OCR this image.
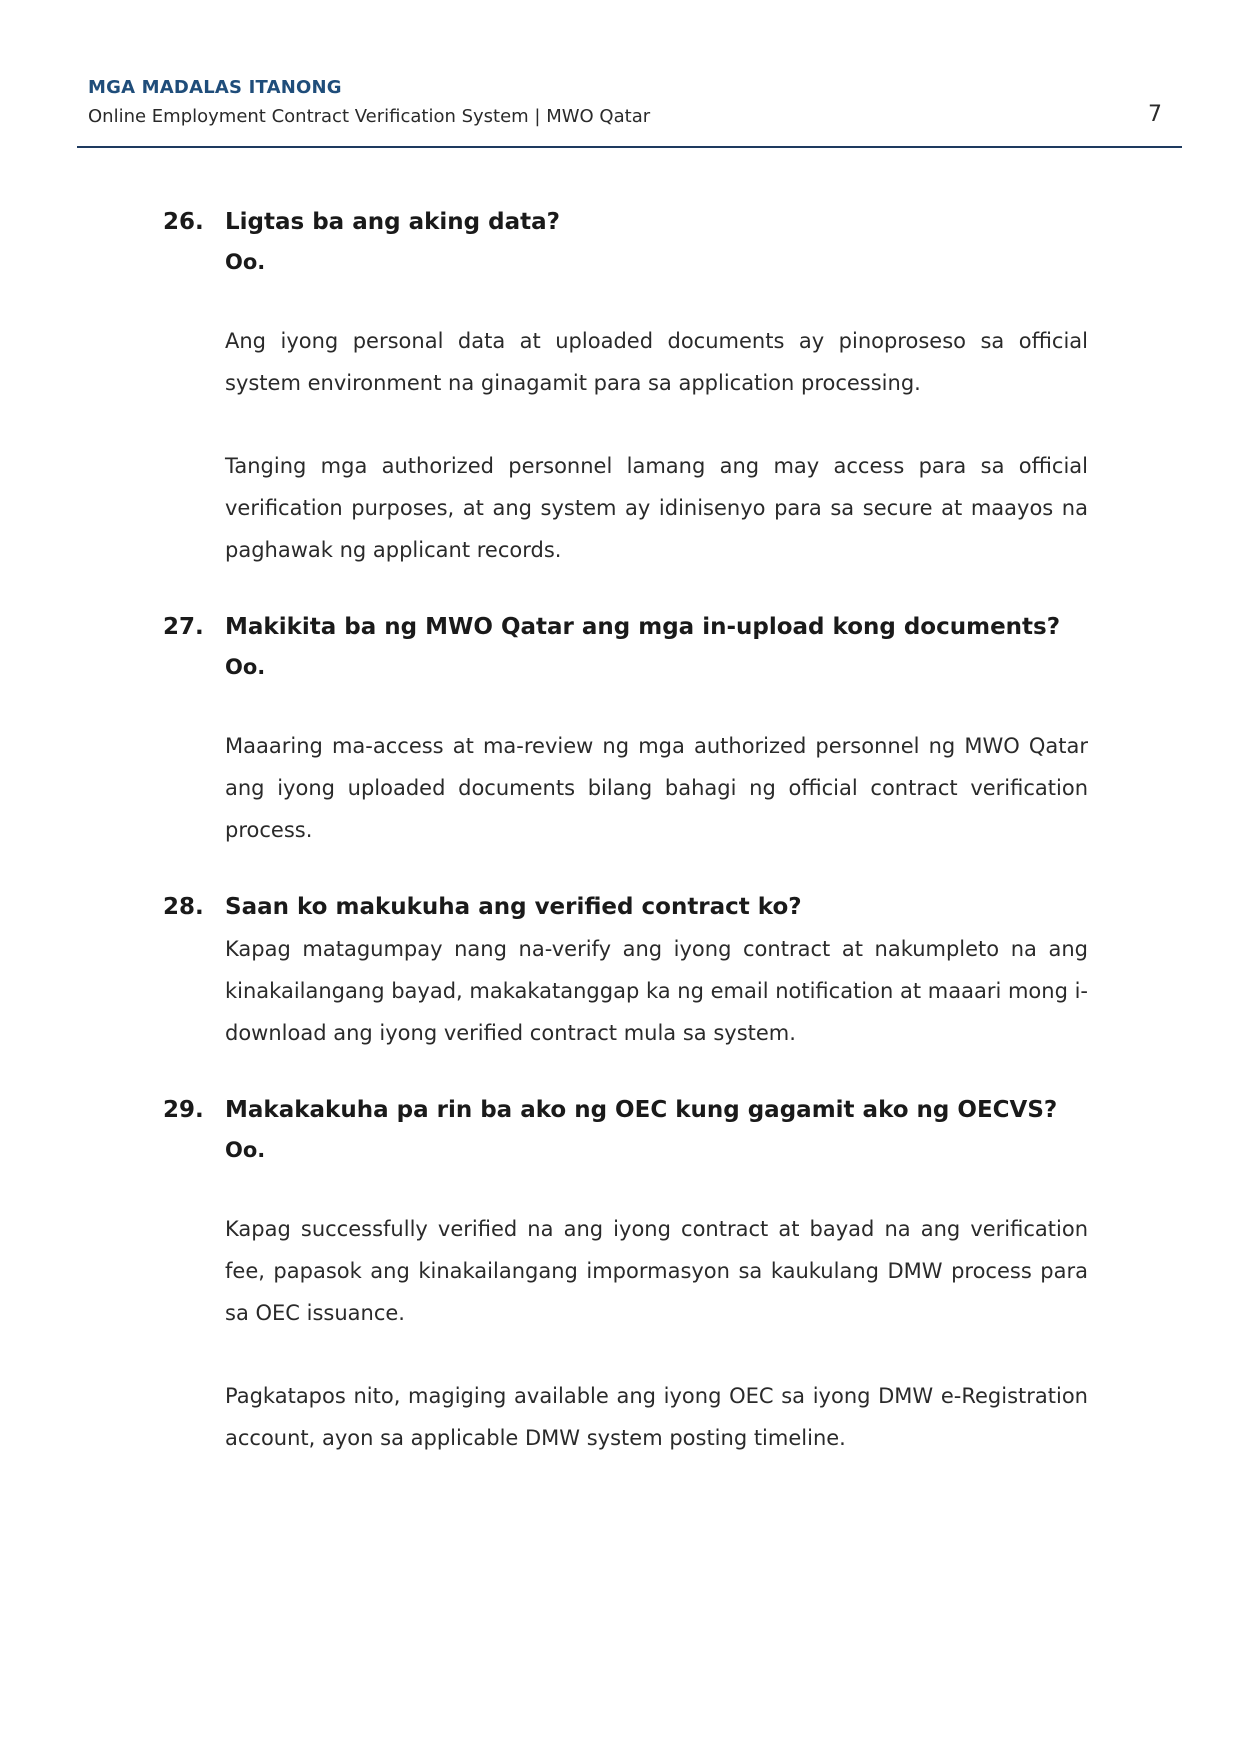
MGA MADALAS ITANONG
Online Employment Contract Verification System | MWO Qatar	7
26. Ligtas ba ang aking data?

Oo.

Ang iyong personal data at uploaded documents ay pinoproseso sa official system environment na ginagamit para sa application processing.

Tanging mga authorized personnel lamang ang may access para sa official verification purposes, at ang system ay idinisenyo para sa secure at maayos na paghawak ng applicant records.

27. Makikita ba ng MWO Qatar ang mga in-upload kong documents?

Oo.

Maaaring ma-access at ma-review ng mga authorized personnel ng MWO Qatar ang iyong uploaded documents bilang bahagi ng official contract verification process.

28. Saan ko makukuha ang verified contract ko?

Kapag matagumpay nang na-verify ang iyong contract at nakumpleto na ang kinakailangang bayad, makakatanggap ka ng email notification at maaari mong i-download ang iyong verified contract mula sa system.

29. Makakakuha pa rin ba ako ng OEC kung gagamit ako ng OECVS?

Oo.

Kapag successfully verified na ang iyong contract at bayad na ang verification fee, papasok ang kinakailangang impormasyon sa kaukulang DMW process para sa OEC issuance.

Pagkatapos nito, magiging available ang iyong OEC sa iyong DMW e-Registration account, ayon sa applicable DMW system posting timeline.
